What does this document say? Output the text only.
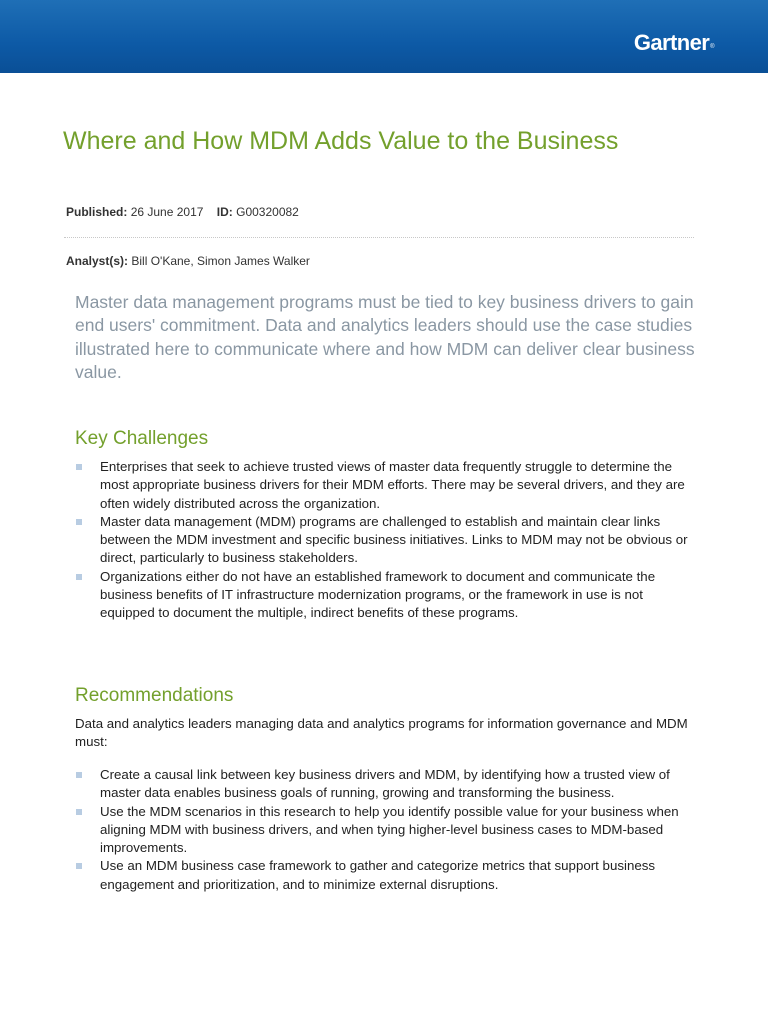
Gartner®
Where and How MDM Adds Value to the Business
Published: 26 June 2017 ID: G00320082
Analyst(s): Bill O'Kane, Simon James Walker

Master data management programs must be tied to key business drivers to gain end users' commitment. Data and analytics leaders should use the case studies illustrated here to communicate where and how MDM can deliver clear business value.

Key Challenges
Enterprises that seek to achieve trusted views of master data frequently struggle to determine the most appropriate business drivers for their MDM efforts. There may be several drivers, and they are often widely distributed across the organization.
Master data management (MDM) programs are challenged to establish and maintain clear links between the MDM investment and specific business initiatives. Links to MDM may not be obvious or direct, particularly to business stakeholders.
Organizations either do not have an established framework to document and communicate the business benefits of IT infrastructure modernization programs, or the framework in use is not equipped to document the multiple, indirect benefits of these programs.
Recommendations

Data and analytics leaders managing data and analytics programs for information governance and MDM must:

Create a causal link between key business drivers and MDM, by identifying how a trusted view of master data enables business goals of running, growing and transforming the business.
Use the MDM scenarios in this research to help you identify possible value for your business when aligning MDM with business drivers, and when tying higher-level business cases to MDM-based improvements.
Use an MDM business case framework to gather and categorize metrics that support business engagement and prioritization, and to minimize external disruptions.
